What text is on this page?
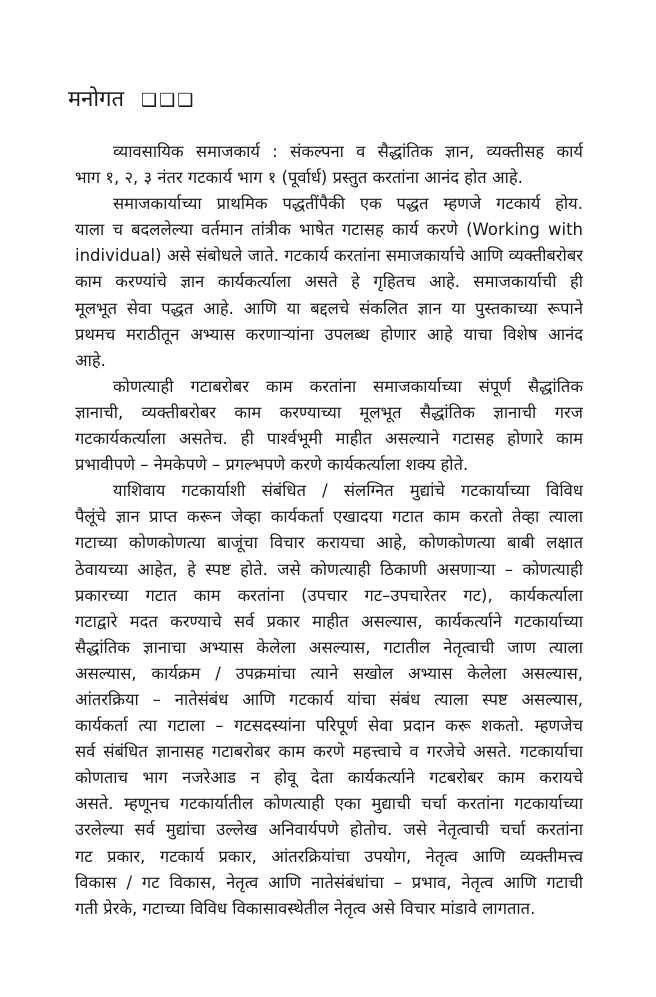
मनोगत ❑❑❑
व्यावसायिक समाजकार्य : संकल्पना व सैद्धांतिक ज्ञान, व्यक्तीसह कार्य
भाग १, २, ३ नंतर गटकार्य भाग १ (पूर्वार्ध) प्रस्तुत करतांना आनंद होत आहे.
समाजकार्याच्या प्राथमिक पद्धतींपैकी एक पद्धत म्हणजे गटकार्य होय.
याला च बदललेल्या वर्तमान तांत्रीक भाषेत गटासह कार्य करणे (Working with
individual) असे संबोधले जाते. गटकार्य करतांना समाजकार्याचे आणि व्यक्तीबरोबर
काम करण्यांचे ज्ञान कार्यकर्त्याला असते हे गृहितच आहे. समाजकार्याची ही
मूलभूत सेवा पद्धत आहे. आणि या बद्दलचे संकलित ज्ञान या पुस्तकाच्या रूपाने
प्रथमच मराठीतून अभ्यास करणाऱ्यांना उपलब्ध होणार आहे याचा विशेष आनंद
आहे.
कोणत्याही गटाबरोबर काम करतांना समाजकार्याच्या संपूर्ण सैद्धांतिक
ज्ञानाची, व्यक्तीबरोबर काम करण्याच्या मूलभूत सैद्धांतिक ज्ञानाची गरज
गटकार्यकर्त्याला असतेच. ही पार्श्वभूमी माहीत असल्याने गटासह होणारे काम
प्रभावीपणे – नेमकेपणे – प्रगल्भपणे करणे कार्यकर्त्याला शक्य होते.
याशिवाय गटकार्याशी संबंधित / संलग्नित मुद्यांचे गटकार्याच्या विविध
पैलूंचे ज्ञान प्राप्त करून जेव्हा कार्यकर्ता एखादया गटात काम करतो तेव्हा त्याला
गटाच्या कोणकोणत्या बाजूंचा विचार करायचा आहे, कोणकोणत्या बाबी लक्षात
ठेवायच्या आहेत, हे स्पष्ट होते. जसे कोणत्याही ठिकाणी असणाऱ्या – कोणत्याही
प्रकारच्या गटात काम करतांना (उपचार गट–उपचारेतर गट), कार्यकर्त्याला
गटाद्वारे मदत करण्याचे सर्व प्रकार माहीत असल्यास, कार्यकर्त्याने गटकार्याच्या
सैद्धांतिक ज्ञानाचा अभ्यास केलेला असल्यास, गटातील नेतृत्वाची जाण त्याला
असल्यास, कार्यक्रम / उपक्रमांचा त्याने सखोल अभ्यास केलेला असल्यास,
आंतरक्रिया – नातेसंबंध आणि गटकार्य यांचा संबंध त्याला स्पष्ट असल्यास,
कार्यकर्ता त्या गटाला – गटसदस्यांना परिपूर्ण सेवा प्रदान करू शकतो. म्हणजेच
सर्व संबंधित ज्ञानासह गटाबरोबर काम करणे महत्त्वाचे व गरजेचे असते. गटकार्याचा
कोणताच भाग नजरेआड न होवू देता कार्यकर्त्याने गटबरोबर काम करायचे
असते. म्हणूनच गटकार्यातील कोणत्याही एका मुद्याची चर्चा करतांना गटकार्याच्या
उरलेल्या सर्व मुद्यांचा उल्लेख अनिवार्यपणे होतोच. जसे नेतृत्वाची चर्चा करतांना
गट प्रकार, गटकार्य प्रकार, आंतरक्रियांचा उपयोग, नेतृत्व आणि व्यक्तीमत्त्व
विकास / गट विकास, नेतृत्व आणि नातेसंबंधांचा – प्रभाव, नेतृत्व आणि गटाची
गती प्रेरके, गटाच्या विविध विकासावस्थेतील नेतृत्व असे विचार मांडावे लागतात.
